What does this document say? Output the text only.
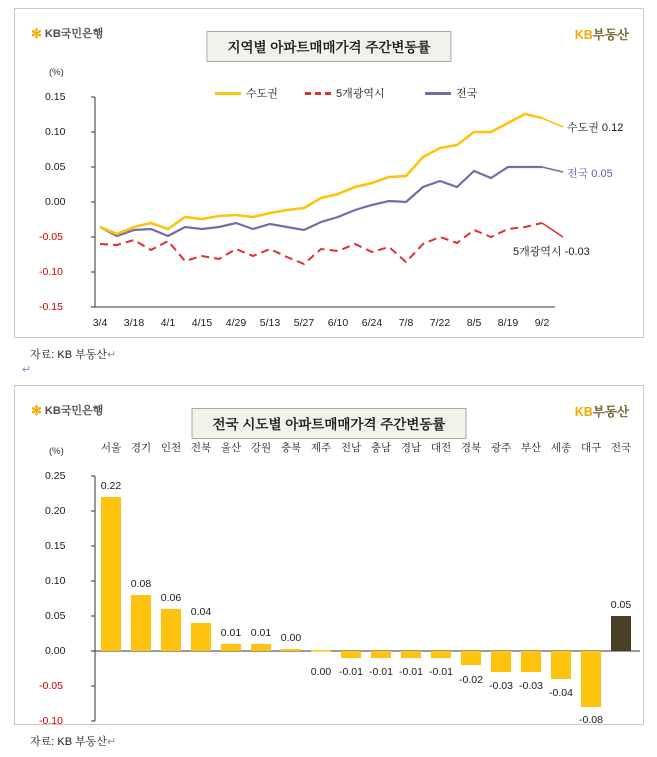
✻ KB국민은행	KB부동산
지역별 아파트매매가격 주간변동률
(%)
수도권	5개광역시	전국
0.15
0.10
0.05
0.00
-0.05
-0.10
-0.15
3/4	3/18	4/1	4/15	4/29	5/13	5/27	6/10	6/24	7/8	7/22	8/5	8/19	9/2
수도권 0.12
전국 0.05
5개광역시 -0.03
자료: KB 부동산↵
↵
✻ KB국민은행	KB부동산
전국 시도별 아파트매매가격 주간변동률
(%)
0.25
0.20
0.15
0.10
0.05
0.00
-0.05
-0.10
서울 경기 인천 전북 울산 강원 충북 제주 전남 충남 경남 대전 경북 광주 부산 세종 대구 전국
0.22
0.08
0.06
0.04
0.01 0.01 0.00
0.00 -0.01 -0.01 -0.01 -0.01
-0.02 -0.03 -0.03
-0.04
-0.08
0.05
자료: KB 부동산↵
